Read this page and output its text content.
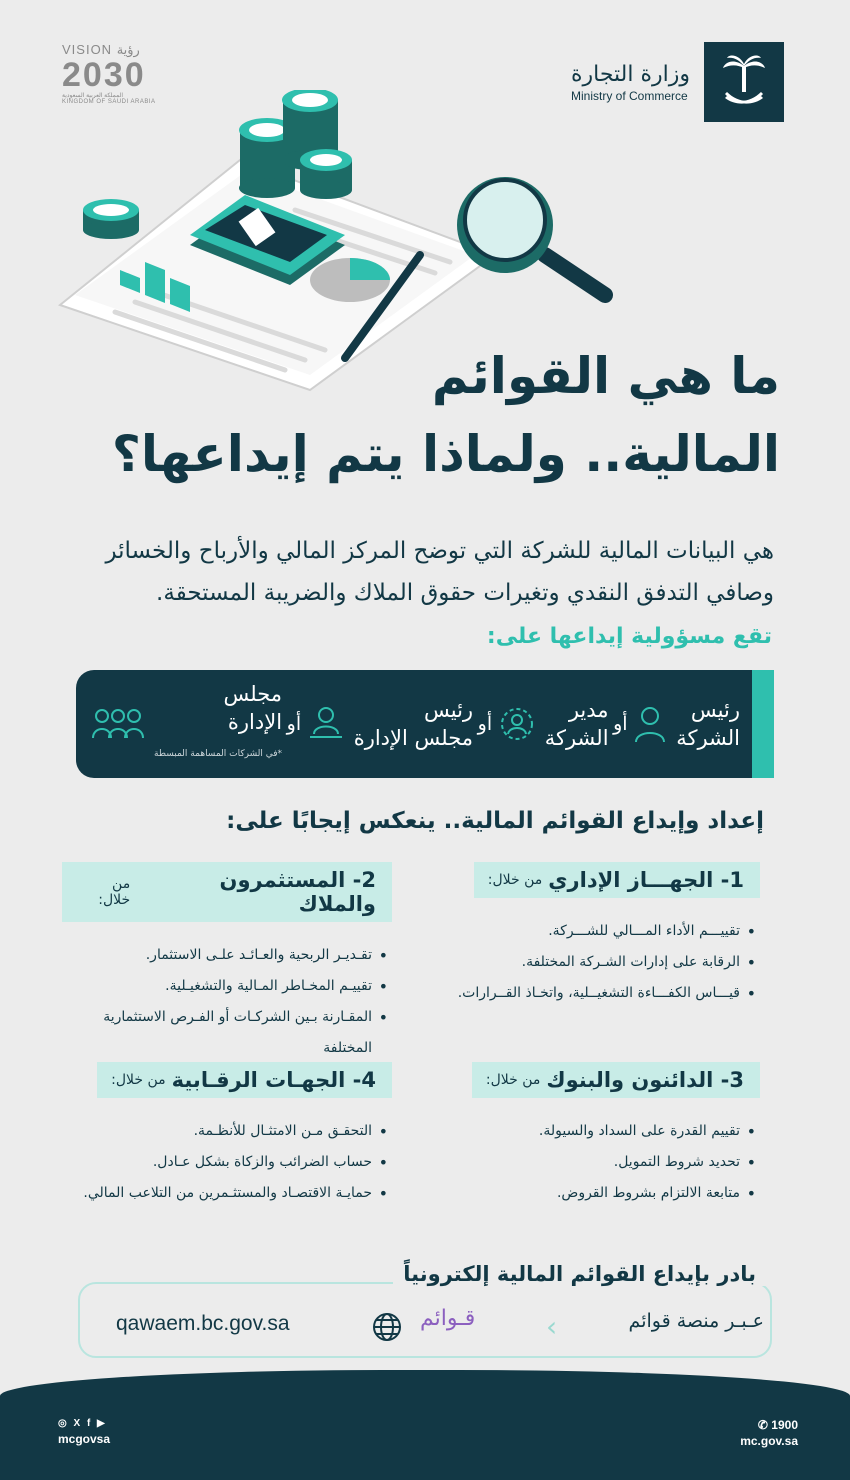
وزارة التجارة
Ministry of Commerce
VISION رؤية
2030
المملكة العربية السعودية
KINGDOM OF SAUDI ARABIA
ما هي القوائم
المالية.. ولماذا يتم إيداعها؟
هي البيانات المالية للشركة التي توضح المركز المالي والأرباح والخسائر وصافي التدفق النقدي وتغيرات حقوق الملاك والضريبة المستحقة.
تقع مسؤولية إيداعها على:
رئيس
الشركة
أو
مدير
الشركة
أو
رئيس
مجلس الإدارة
أو
مجلس
الإدارة
*في الشركات المساهمة المبسطة
إعداد وإيداع القوائم المالية.. ينعكس إيجابًا على:
1- الجهـــاز الإداري
من خلال:
• تقييـــم الأداء المـــالي للشـــركة.
• الرقابة على إدارات الشـركة المختلفة.
• قيـــاس الكفـــاءة التشغيــلية، واتخـاذ القــرارات.
2- المستثمرون والملاك
من خلال:
• تقـديـر الربحية والعـائـد علـى الاستثمار.
• تقييـم المخـاطر المـالية والتشغيـلية.
• المقـارنة بـين الشركـات أو الفـرص الاستثمارية المختلفة
3- الدائنون والبنوك
من خلال:
• تقييم القدرة على السداد والسيولة.
• تحديد شروط التمويل.
• متابعة الالتزام بشروط القروض.
4- الجهـات الرقـابية
من خلال:
• التحقـق مـن الامتثـال للأنظـمة.
• حساب الضرائب والزكاة بشكل عـادل.
• حمايـة الاقتصـاد والمستثـمرين من التلاعب المالي.
بادر بإيداع القوائم المالية إلكترونياً
عـبـر منصة قوائم
‹
قـوائم
qawaem.bc.gov.sa
◎ X f ▶
mcgovsa
✆ 1900
mc.gov.sa
